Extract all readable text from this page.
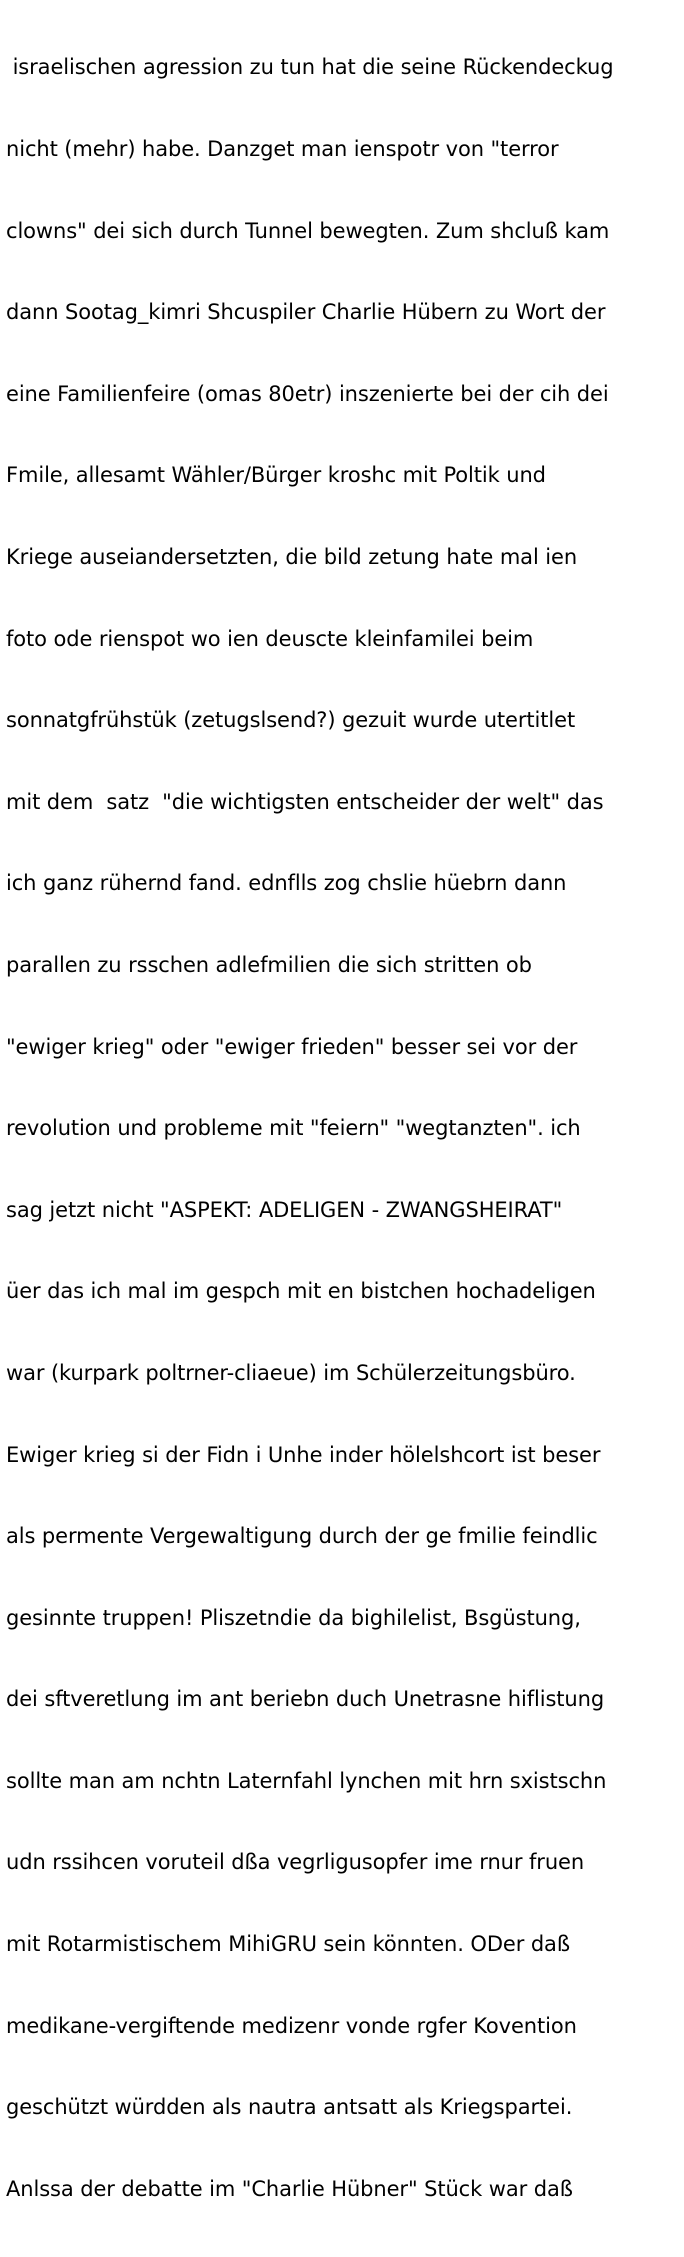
israelischen agression zu tun hat die seine Rückendeckug

nicht (mehr) habe. Danzget man ienspotr von "terror

clowns" dei sich durch Tunnel bewegten. Zum shcluß kam

dann Sootag_kimri Shcuspiler Charlie Hübern zu Wort der

eine Familienfeire (omas 80etr) inszenierte bei der cih dei

Fmile, allesamt Wähler/Bürger kroshc mit Poltik und

Kriege auseiandersetzten, die bild zetung hate mal ien

foto ode rienspot wo ien deuscte kleinfamilei beim

sonnatgfrühstük (zetugslsend?) gezuit wurde utertitlet

mit dem  satz  "die wichtigsten entscheider der welt" das

ich ganz rühernd fand. ednflls zog chslie hüebrn dann

parallen zu rsschen adlefmilien die sich stritten ob

"ewiger krieg" oder "ewiger frieden" besser sei vor der

revolution und probleme mit "feiern" "wegtanzten". ich

sag jetzt nicht "ASPEKT: ADELIGEN - ZWANGSHEIRAT"

üer das ich mal im gespch mit en bistchen hochadeligen

war (kurpark poltrner-cliaeue) im Schülerzeitungsbüro.

Ewiger krieg si der Fidn i Unhe inder hölelshcort ist beser

als permente Vergewaltigung durch der ge fmilie feindlic

gesinnte truppen! Pliszetndie da bighilelist, Bsgüstung,

dei sftveretlung im ant beriebn duch Unetrasne hiflistung

sollte man am nchtn Laternfahl lynchen mit hrn sxistschn

udn rssihcen voruteil dßa vegrligusopfer ime rnur fruen

mit Rotarmistischem MihiGRU sein könnten. ODer daß

medikane-vergiftende medizenr vonde rgfer Kovention

geschützt würdden als nautra antsatt als Kriegspartei.

Anlssa der debatte im "Charlie Hübner" Stück war daß
